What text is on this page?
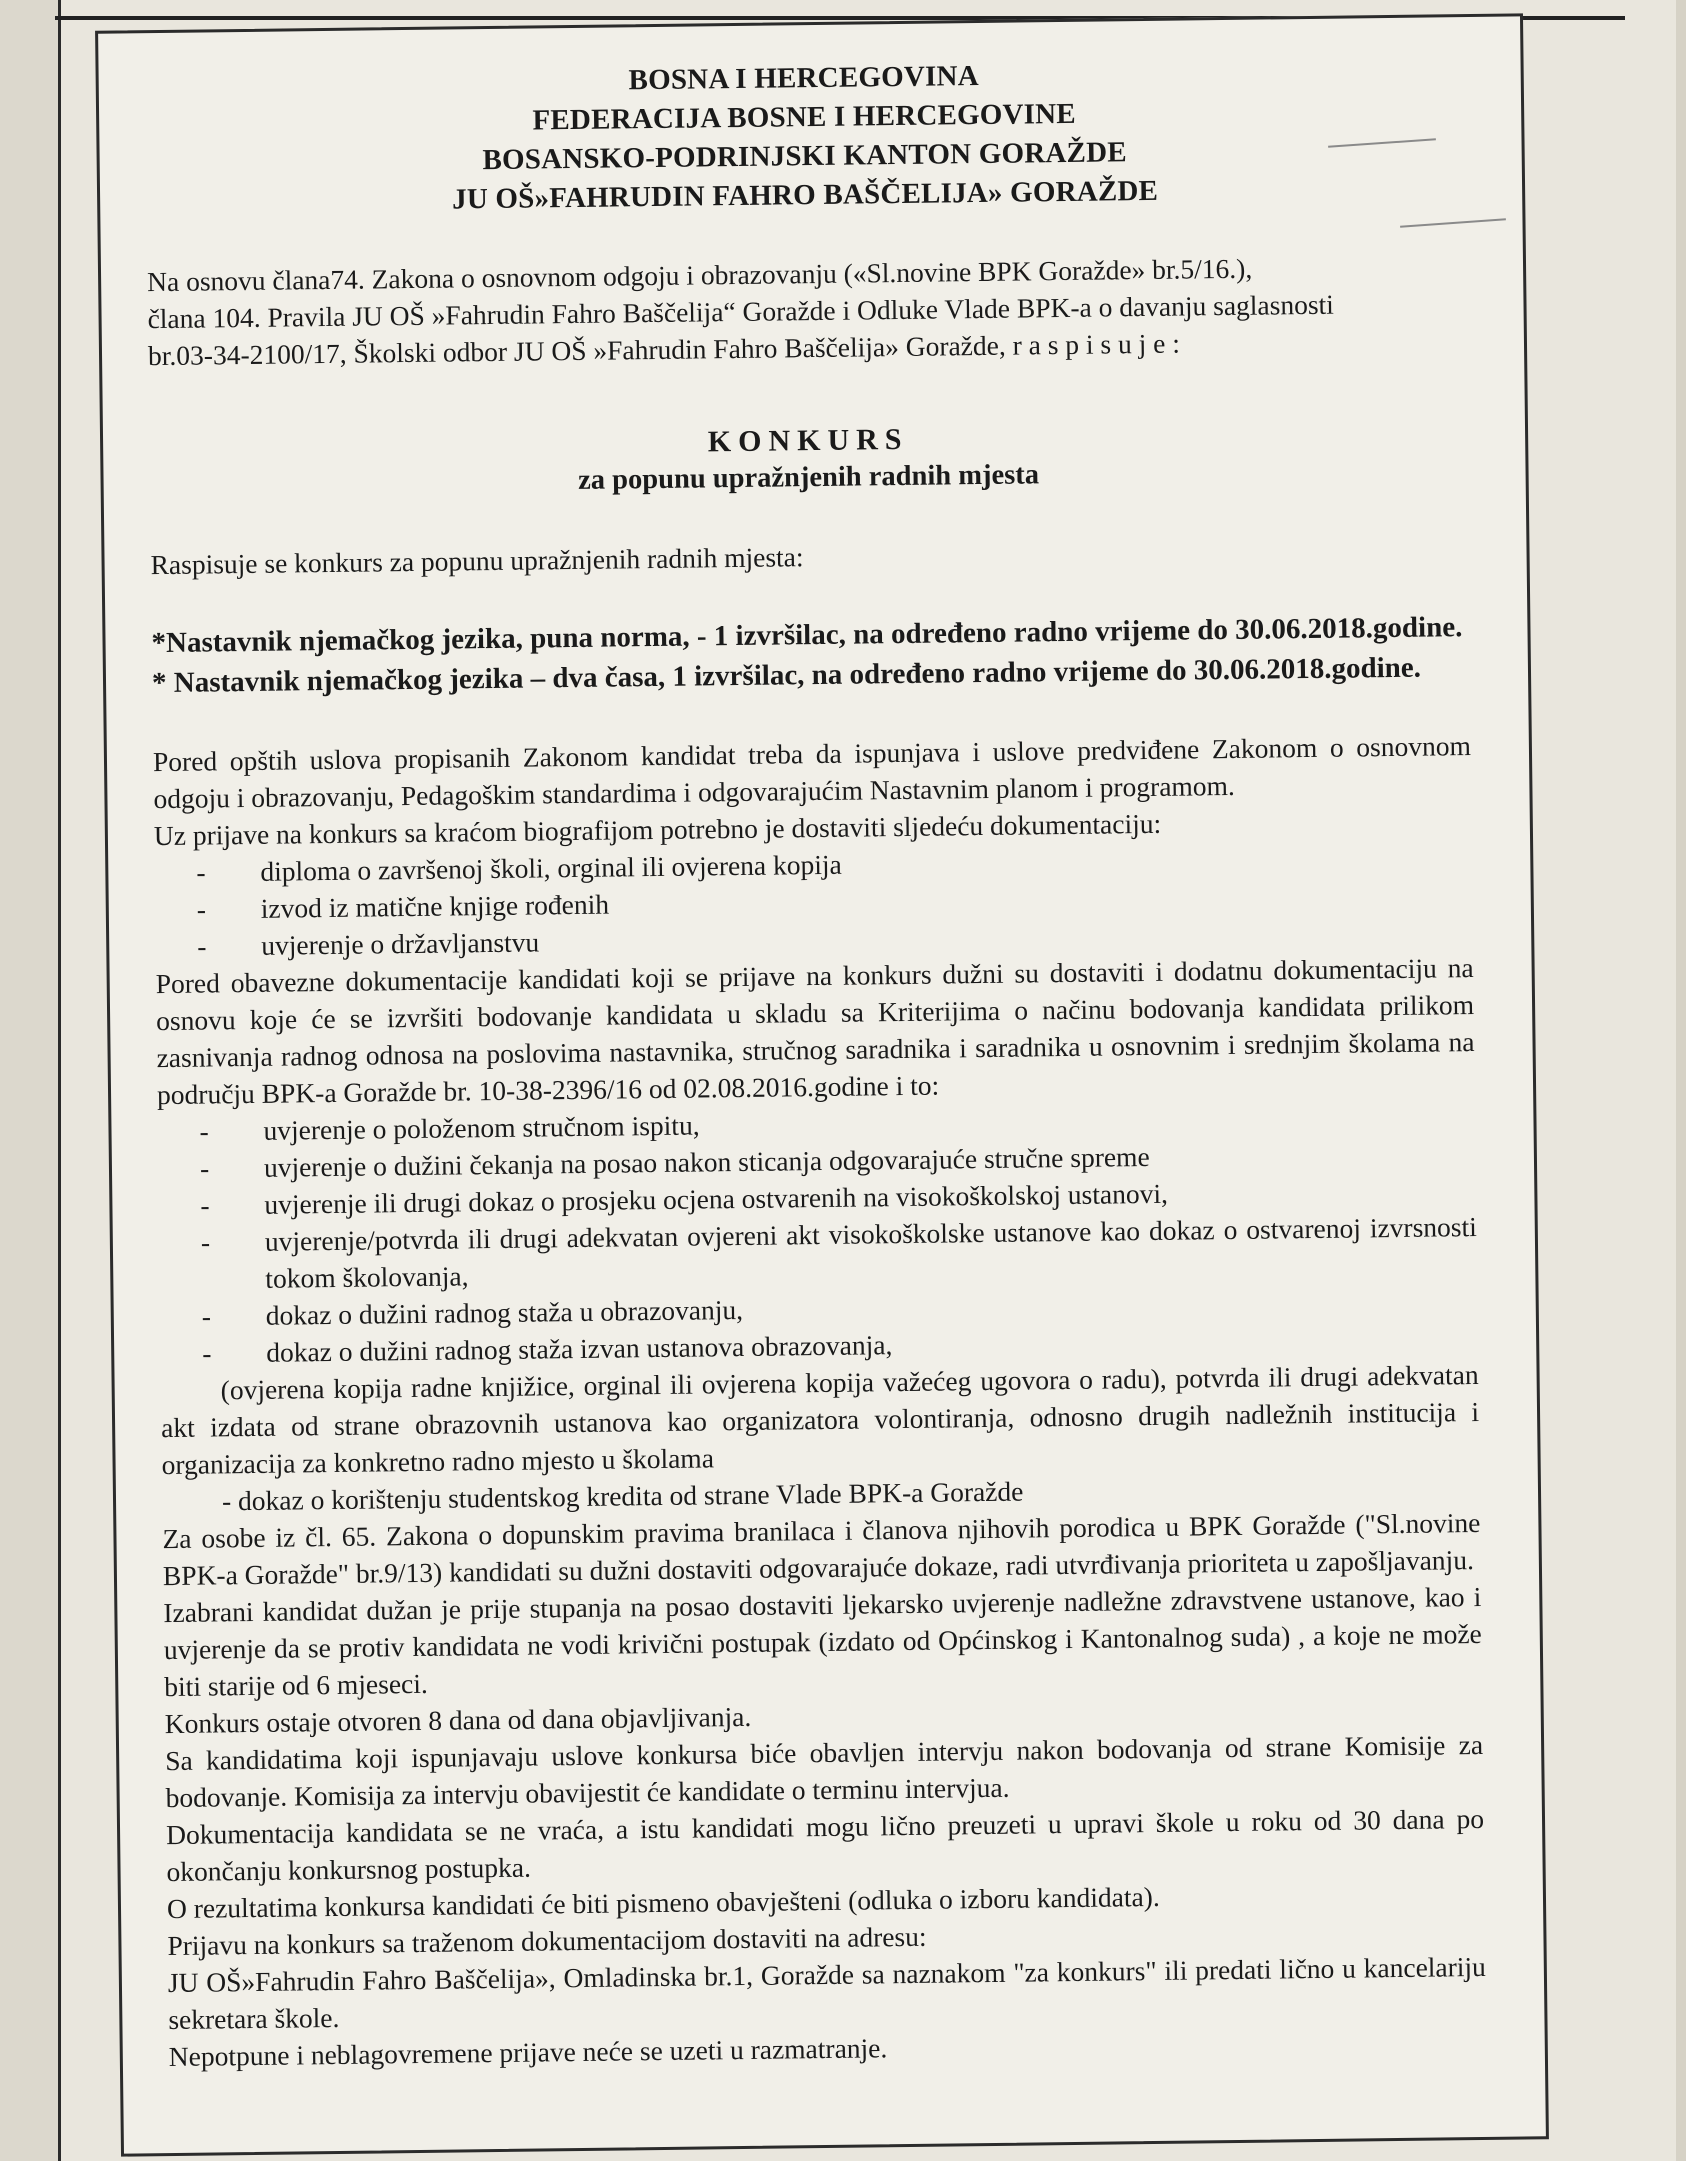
BOSNA I HERCEGOVINA
FEDERACIJA BOSNE I HERCEGOVINE
BOSANSKO-PODRINJSKI KANTON GORAŽDE
JU OŠ»FAHRUDIN FAHRO BAŠČELIJA» GORAŽDE
Na osnovu člana74. Zakona o osnovnom odgoju i obrazovanju («Sl.novine BPK Goražde» br.5/16.),
člana 104. Pravila JU OŠ »Fahrudin Fahro Baščelija“ Goražde i Odluke Vlade BPK-a o davanju saglasnosti
br.03-34-2100/17, Školski odbor JU OŠ »Fahrudin Fahro Baščelija» Goražde, r a s p i s u j e :
KONKURS
za popunu upražnjenih radnih mjesta

Raspisuje se konkurs za popunu upražnjenih radnih mjesta:

*Nastavnik njemačkog jezika, puna norma, - 1 izvršilac, na određeno radno vrijeme do 30.06.2018.godine.
* Nastavnik njemačkog jezika – dva časa, 1 izvršilac, na određeno radno vrijeme do 30.06.2018.godine.

Pored opštih uslova propisanih Zakonom kandidat treba da ispunjava i uslove predviđene Zakonom o osnovnom odgoju i obrazovanju, Pedagoškim standardima i odgovarajućim Nastavnim planom i programom.

Uz prijave na konkurs sa kraćom biografijom potrebno je dostaviti sljedeću dokumentaciju:

- diploma o završenoj školi, orginal ili ovjerena kopija
- izvod iz matične knjige rođenih
- uvjerenje o državljanstvu

Pored obavezne dokumentacije kandidati koji se prijave na konkurs dužni su dostaviti i dodatnu dokumentaciju na osnovu koje će se izvršiti bodovanje kandidata u skladu sa Kriterijima o načinu bodovanja kandidata prilikom zasnivanja radnog odnosa na poslovima nastavnika, stručnog saradnika i saradnika u osnovnim i srednjim školama na području BPK-a Goražde br. 10-38-2396/16 od 02.08.2016.godine i to:

- uvjerenje o položenom stručnom ispitu,
- uvjerenje o dužini čekanja na posao nakon sticanja odgovarajuće stručne spreme
- uvjerenje ili drugi dokaz o prosjeku ocjena ostvarenih na visokoškolskoj ustanovi,
- uvjerenje/potvrda ili drugi adekvatan ovjereni akt visokoškolske ustanove kao dokaz o ostvarenoj izvrsnosti tokom školovanja,
- dokaz o dužini radnog staža u obrazovanju,
- dokaz o dužini radnog staža izvan ustanova obrazovanja,

(ovjerena kopija radne knjižice, orginal ili ovjerena kopija važećeg ugovora o radu), potvrda ili drugi adekvatan akt izdata od strane obrazovnih ustanova kao organizatora volontiranja, odnosno drugih nadležnih institucija i organizacija za konkretno radno mjesto u školama

- dokaz o korištenju studentskog kredita od strane Vlade BPK-a Goražde

Za osobe iz čl. 65. Zakona o dopunskim pravima branilaca i članova njihovih porodica u BPK Goražde ("Sl.novine BPK-a Goražde" br.9/13) kandidati su dužni dostaviti odgovarajuće dokaze, radi utvrđivanja prioriteta u zapošljavanju.

Izabrani kandidat dužan je prije stupanja na posao dostaviti ljekarsko uvjerenje nadležne zdravstvene ustanove, kao i uvjerenje da se protiv kandidata ne vodi krivični postupak (izdato od Općinskog i Kantonalnog suda) , a koje ne može biti starije od 6 mjeseci.

Konkurs ostaje otvoren 8 dana od dana objavljivanja.

Sa kandidatima koji ispunjavaju uslove konkursa biće obavljen intervju nakon bodovanja od strane Komisije za bodovanje. Komisija za intervju obavijestit će kandidate o terminu intervjua.

Dokumentacija kandidata se ne vraća, a istu kandidati mogu lično preuzeti u upravi škole u roku od 30 dana po okončanju konkursnog postupka.

O rezultatima konkursa kandidati će biti pismeno obavješteni (odluka o izboru kandidata).

Prijavu na konkurs sa traženom dokumentacijom dostaviti na adresu:

JU OŠ»Fahrudin Fahro Baščelija», Omladinska br.1, Goražde sa naznakom "za konkurs" ili predati lično u kancelariju sekretara škole.

Nepotpune i neblagovremene prijave neće se uzeti u razmatranje.
